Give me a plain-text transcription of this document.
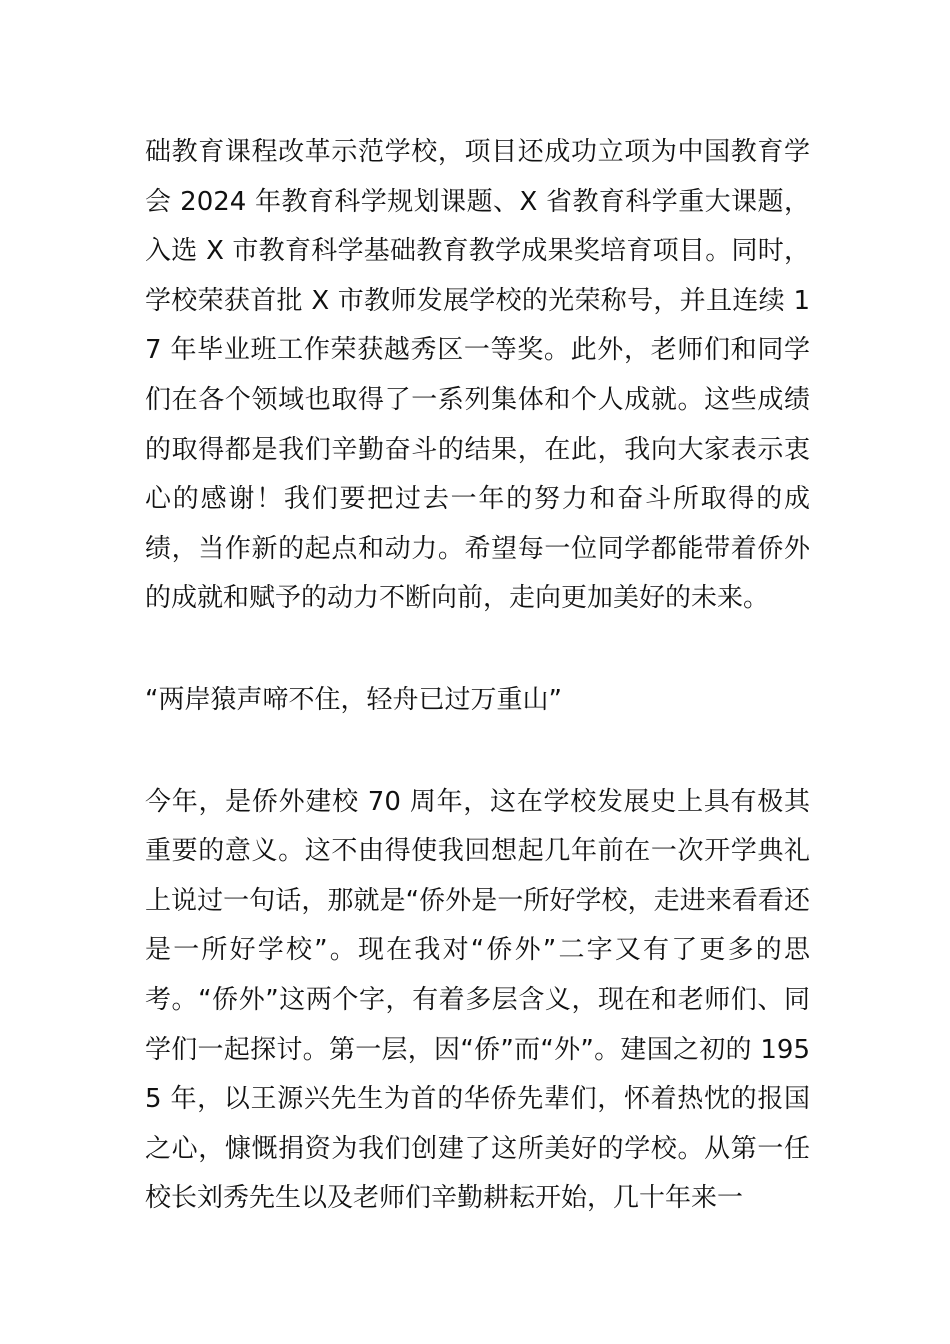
础教育课程改革示范学校，项目还成功立项为中国教育学会 2024 年教育科学规划课题、X 省教育科学重大课题，入选 X 市教育科学基础教育教学成果奖培育项目。同时，学校荣获首批 X 市教师发展学校的光荣称号，并且连续 17 年毕业班工作荣获越秀区一等奖。此外，老师们和同学们在各个领域也取得了一系列集体和个人成就。这些成绩的取得都是我们辛勤奋斗的结果，在此，我向大家表示衷心的感谢！我们要把过去一年的努力和奋斗所取得的成绩，当作新的起点和动力。希望每一位同学都能带着侨外的成就和赋予的动力不断向前，走向更加美好的未来。

“两岸猿声啼不住，轻舟已过万重山”

今年，是侨外建校 70 周年，这在学校发展史上具有极其重要的意义。这不由得使我回想起几年前在一次开学典礼上说过一句话，那就是“侨外是一所好学校，走进来看看还是一所好学校”。现在我对“侨外”二字又有了更多的思考。“侨外”这两个字，有着多层含义，现在和老师们、同学们一起探讨。第一层，因“侨”而“外”。建国之初的 1955 年，以王源兴先生为首的华侨先辈们，怀着热忱的报国之心，慷慨捐资为我们创建了这所美好的学校。从第一任校长刘秀先生以及老师们辛勤耕耘开始，几十年来一
